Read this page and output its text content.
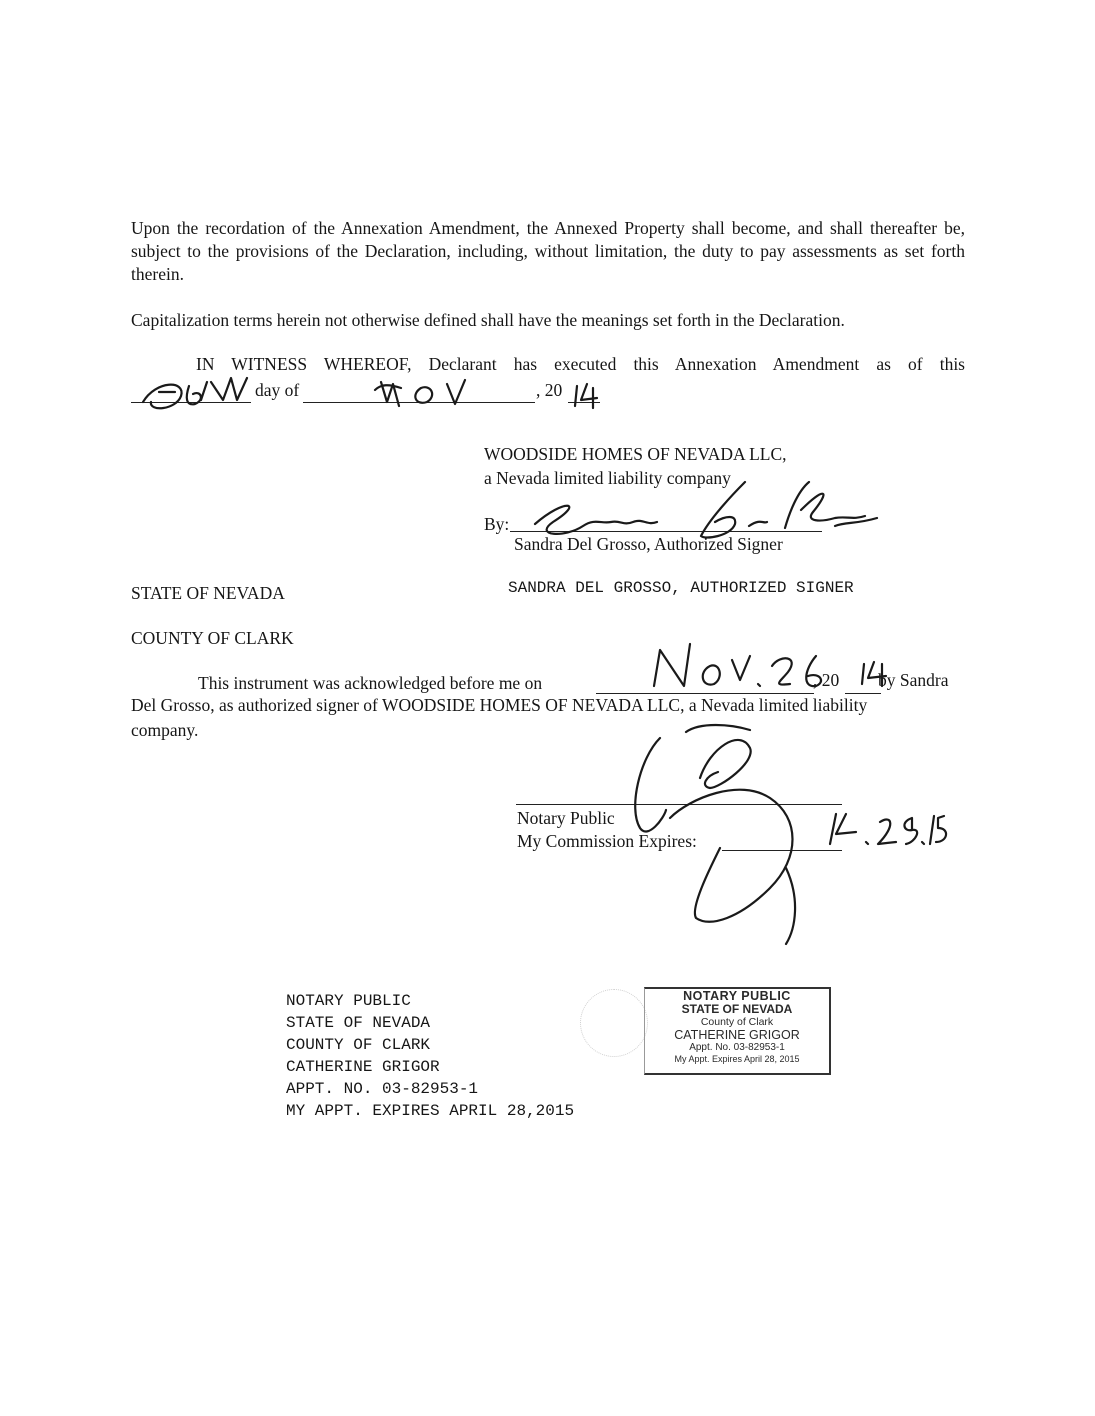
Upon the recordation of the Annexation Amendment, the Annexed Property shall become, and shall thereafter be, subject to the provisions of the Declaration, including, without limitation, the duty to pay assessments as set forth therein.
Capitalization terms herein not otherwise defined shall have the meanings set forth in the Declaration.
IN WITNESS WHEREOF, Declarant has executed this Annexation Amendment as of this
day of	, 20
WOODSIDE HOMES OF NEVADA LLC,
a Nevada limited liability company
By:
Sandra Del Grosso, Authorized Signer
SANDRA DEL GROSSO, AUTHORIZED SIGNER
STATE OF NEVADA
COUNTY OF CLARK
This instrument was acknowledged before me on	, 20 by Sandra
Del Grosso, as authorized signer of WOODSIDE HOMES OF NEVADA LLC, a Nevada limited liability
company.
Notary Public
My Commission Expires:
NOTARY PUBLIC
STATE OF NEVADA
COUNTY OF CLARK
CATHERINE GRIGOR
APPT. NO. 03-82953-1
MY APPT. EXPIRES APRIL 28,2015
NOTARY PUBLIC
STATE OF NEVADA
County of Clark
CATHERINE GRIGOR
Appt. No. 03-82953-1
My Appt. Expires April 28, 2015
